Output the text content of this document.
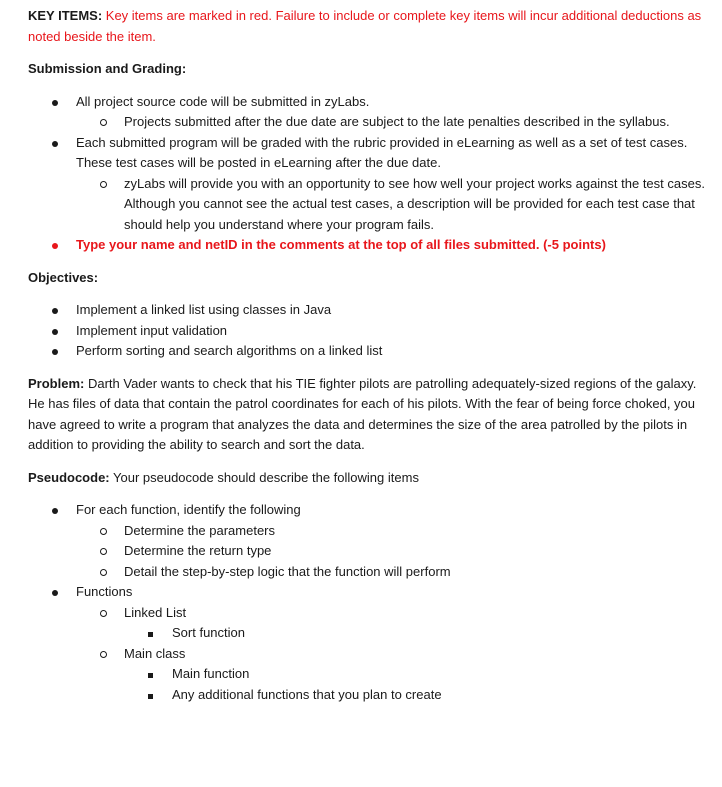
KEY ITEMS: Key items are marked in red. Failure to include or complete key items will incur additional deductions as noted beside the item.
Submission and Grading:
All project source code will be submitted in zyLabs.
Projects submitted after the due date are subject to the late penalties described in the syllabus.
Each submitted program will be graded with the rubric provided in eLearning as well as a set of test cases. These test cases will be posted in eLearning after the due date.
zyLabs will provide you with an opportunity to see how well your project works against the test cases. Although you cannot see the actual test cases, a description will be provided for each test case that should help you understand where your program fails.
Type your name and netID in the comments at the top of all files submitted. (-5 points)
Objectives:
Implement a linked list using classes in Java
Implement input validation
Perform sorting and search algorithms on a linked list
Problem: Darth Vader wants to check that his TIE fighter pilots are patrolling adequately-sized regions of the galaxy. He has files of data that contain the patrol coordinates for each of his pilots. With the fear of being force choked, you have agreed to write a program that analyzes the data and determines the size of the area patrolled by the pilots in addition to providing the ability to search and sort the data.
Pseudocode: Your pseudocode should describe the following items
For each function, identify the following
Determine the parameters
Determine the return type
Detail the step-by-step logic that the function will perform
Functions
Linked List
Sort function
Main class
Main function
Any additional functions that you plan to create
